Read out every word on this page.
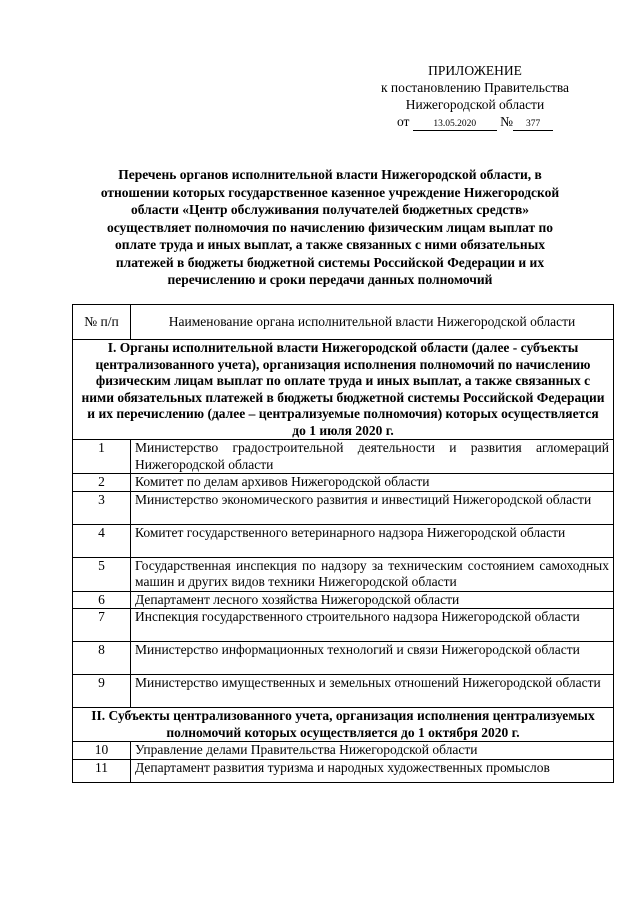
ПРИЛОЖЕНИЕ
к постановлению Правительства
Нижегородской области
от	13.05.2020 № 377
Перечень органов исполнительной власти Нижегородской области, в отношении которых государственное казенное учреждение Нижегородской области «Центр обслуживания получателей бюджетных средств» осуществляет полномочия по начислению физическим лицам выплат по оплате труда и иных выплат, а также связанных с ними обязательных платежей в бюджеты бюджетной системы Российской Федерации и их перечислению и сроки передачи данных полномочий
№ п/п	Наименование органа исполнительной власти Нижегородской области
I. Органы исполнительной власти Нижегородской области (далее - субъекты централизованного учета), организация исполнения полномочий по начислению физическим лицам выплат по оплате труда и иных выплат, а также связанных с ними обязательных платежей в бюджеты бюджетной системы Российской Федерации и их перечислению (далее – централизуемые полномочия) которых осуществляется до 1 июля 2020 г.	
1	Министерство градостроительной деятельности и развития агломераций Нижегородской области
2	Комитет по делам архивов Нижегородской области
3	Министерство экономического развития и инвестиций Нижегородской области
4	Комитет государственного ветеринарного надзора Нижегородской области
5	Государственная инспекция по надзору за техническим состоянием самоходных машин и других видов техники Нижегородской области
6	Департамент лесного хозяйства Нижегородской области
7	Инспекция государственного строительного надзора Нижегородской области
8	Министерство информационных технологий и связи Нижегородской области
9	Министерство имущественных и земельных отношений Нижегородской области
II. Субъекты централизованного учета, организация исполнения централизуемых полномочий которых осуществляется до 1 октября 2020 г.	
10	Управление делами Правительства Нижегородской области
11	Департамент развития туризма и народных художественных промыслов
